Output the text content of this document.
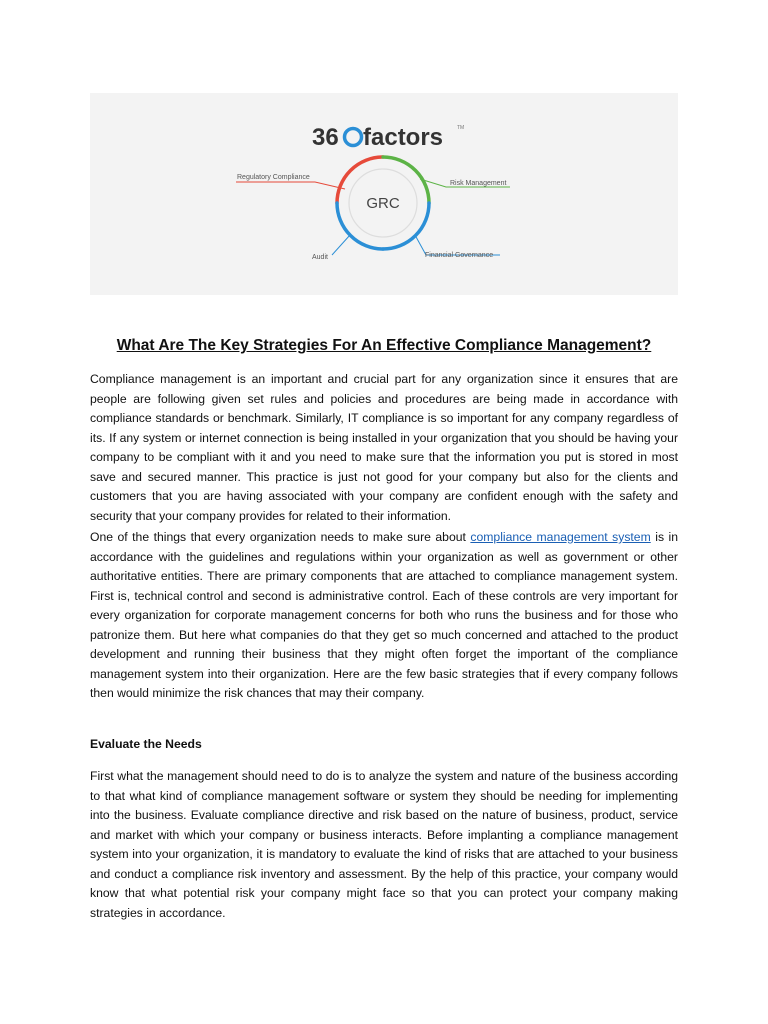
36 factors	TM
GRC
Regulatory Compliance
Risk Management
Audit	Financial Governance
What Are The Key Strategies For An Effective Compliance Management?

Compliance management is an important and crucial part for any organization since it ensures that are people are following given set rules and policies and procedures are being made in accordance with compliance standards or benchmark. Similarly, IT compliance is so important for any company regardless of its. If any system or internet connection is being installed in your organization that you should be having your company to be compliant with it and you need to make sure that the information you put is stored in most save and secured manner. This practice is just not good for your company but also for the clients and customers that you are having associated with your company are confident enough with the safety and security that your company provides for related to their information.

One of the things that every organization needs to make sure about compliance management system is in accordance with the guidelines and regulations within your organization as well as government or other authoritative entities. There are primary components that are attached to compliance management system. First is, technical control and second is administrative control. Each of these controls are very important for every organization for corporate management concerns for both who runs the business and for those who patronize them. But here what companies do that they get so much concerned and attached to the product development and running their business that they might often forget the important of the compliance management system into their organization. Here are the few basic strategies that if every company follows then would minimize the risk chances that may their company.

Evaluate the Needs

First what the management should need to do is to analyze the system and nature of the business according to that what kind of compliance management software or system they should be needing for implementing into the business. Evaluate compliance directive and risk based on the nature of business, product, service and market with which your company or business interacts. Before implanting a compliance management system into your organization, it is mandatory to evaluate the kind of risks that are attached to your business and conduct a compliance risk inventory and assessment. By the help of this practice, your company would know that what potential risk your company might face so that you can protect your company making strategies in accordance.
